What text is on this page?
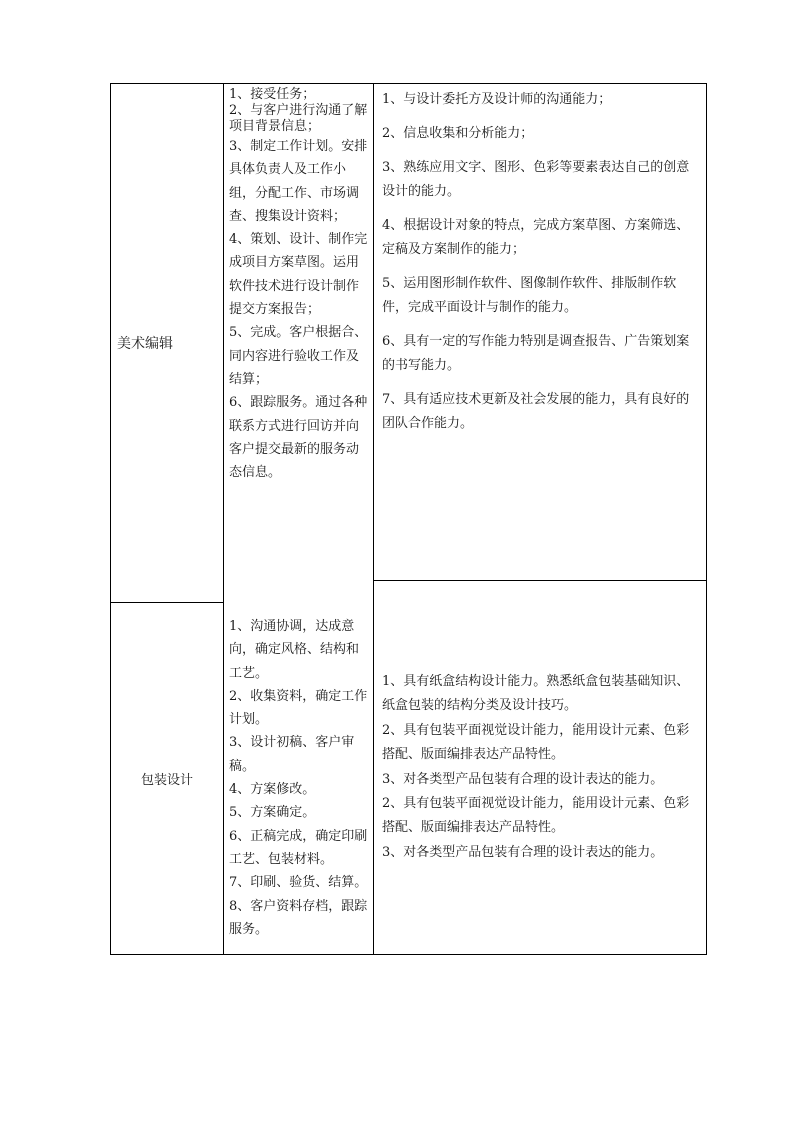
美术编辑

1、接受任务；

2、与客户进行沟通了解项目背景信息；

3、制定工作计划。安排具体负责人及工作小组，分配工作、市场调查、搜集设计资料；

4、策划、设计、制作完成项目方案草图。运用软件技术进行设计制作提交方案报告；

5、完成。客户根据合、同内容进行验收工作及结算；

6、跟踪服务。通过各种联系方式进行回访并向客户提交最新的服务动态信息。

1、与设计委托方及设计师的沟通能力；

2、信息收集和分析能力；

3、熟练应用文字、图形、色彩等要素表达自己的创意设计的能力。

4、根据设计对象的特点，完成方案草图、方案筛选、定稿及方案制作的能力；

5、运用图形制作软件、图像制作软件、排版制作软件，完成平面设计与制作的能力。

6、具有一定的写作能力特别是调查报告、广告策划案的书写能力。

7、具有适应技术更新及社会发展的能力，具有良好的团队合作能力。

包装设计

1、沟通协调，达成意向，确定风格、结构和工艺。

2、收集资料，确定工作计划。

3、设计初稿、客户审稿。

4、方案修改。

5、方案确定。

6、正稿完成，确定印刷工艺、包装材料。

7、印刷、验货、结算。

8、客户资料存档，跟踪服务。

1、具有纸盒结构设计能力。熟悉纸盒包装基础知识、纸盒包装的结构分类及设计技巧。

2、具有包装平面视觉设计能力，能用设计元素、色彩搭配、版面编排表达产品特性。

3、对各类型产品包装有合理的设计表达的能力。

2、具有包装平面视觉设计能力，能用设计元素、色彩搭配、版面编排表达产品特性。

3、对各类型产品包装有合理的设计表达的能力。
